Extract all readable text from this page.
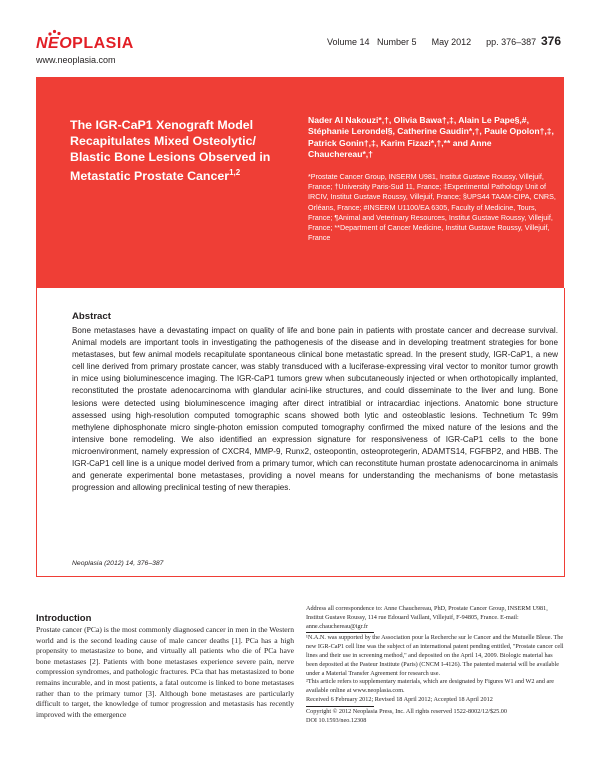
NEOPLASIA
www.neoplasia.com
Volume 14 Number 5 May 2012 pp. 376–387 376
The IGR-CaP1 Xenograft Model Recapitulates Mixed Osteolytic/ Blastic Bone Lesions Observed in Metastatic Prostate Cancer$^{1,2}$
Nader Al Nakouzi*,†, Olivia Bawa†,‡, Alain Le Pape§,#, Stéphanie Lerondel§, Catherine Gaudin*,†, Paule Opolon†,‡, Patrick Gonin†,‡, Karim Fizazi*,†,** and Anne Chauchereau*,†
*Prostate Cancer Group, INSERM U981, Institut Gustave Roussy, Villejuif, France; †University Paris-Sud 11, France; ‡Experimental Pathology Unit of IRCIV, Institut Gustave Roussy, Villejuif, France; §UPS44 TAAM-CIPA, CNRS, Orléans, France; #INSERM U1100/EA 6305, Faculty of Medicine, Tours, France; ¶Animal and Veterinary Resources, Institut Gustave Roussy, Villejuif, France; **Department of Cancer Medicine, Institut Gustave Roussy, Villejuif, France
Abstract
Bone metastases have a devastating impact on quality of life and bone pain in patients with prostate cancer and decrease survival. Animal models are important tools in investigating the pathogenesis of the disease and in developing treatment strategies for bone metastases, but few animal models recapitulate spontaneous clinical bone metastatic spread. In the present study, IGR-CaP1, a new cell line derived from primary prostate cancer, was stably transduced with a luciferase-expressing viral vector to monitor tumor growth in mice using bioluminescence imaging. The IGR-CaP1 tumors grew when subcutaneously injected or when orthotopically implanted, reconstituted the prostate adenocarcinoma with glandular acini-like structures, and could disseminate to the liver and lung. Bone lesions were detected using bioluminescence imaging after direct intratibial or intracardiac injections. Anatomic bone structure assessed using high-resolution computed tomographic scans showed both lytic and osteoblastic lesions. Technetium Tc 99m methylene diphosphonate micro single-photon emission computed tomography confirmed the mixed nature of the lesions and the intensive bone remodeling. We also identified an expression signature for responsiveness of IGR-CaP1 cells to the bone microenvironment, namely expression of CXCR4, MMP-9, Runx2, osteopontin, osteoprotegerin, ADAMTS14, FGFBP2, and HBB. The IGR-CaP1 cell line is a unique model derived from a primary tumor, which can reconstitute human prostate adenocarcinoma in animals and generate experimental bone metastases, providing a novel means for understanding the mechanisms of bone metastasis progression and allowing preclinical testing of new therapies.
Neoplasia (2012) 14, 376–387
Introduction
Prostate cancer (PCa) is the most commonly diagnosed cancer in men in the Western world and is the second leading cause of male cancer deaths [1]. PCa has a high propensity to metastasize to bone, and virtually all patients who die of PCa have bone metastases [2]. Patients with bone metastases experience severe pain, nerve compression syndromes, and pathologic fractures. PCa that has metastasized to bone remains incurable, and in most patients, a fatal outcome is linked to bone metastases rather than to the primary tumor [3]. Although bone metastases are particularly difficult to target, the knowledge of tumor progression and metastasis has recently improved with the emergence

Address all correspondence to: Anne Chauchereau, PhD, Prostate Cancer Group, INSERM U981, Institut Gustave Roussy, 114 rue Edouard Vaillant, Villejuif, F-94805, France. E-mail: anne.chauchereau@igr.fr

¹N.A.N. was supported by the Association pour la Recherche sur le Cancer and the Mutuelle Bleue. The new IGR-CaP1 cell line was the subject of an international patent pending entitled, "Prostate cancer cell lines and their use in screening method," and deposited on the April 14, 2009. Biologic material has been deposited at the Pasteur Institute (Paris) (CNCM I-4126). The patented material will be available under a Material Transfer Agreement for research use.

²This article refers to supplementary materials, which are designated by Figures W1 and W2 and are available online at www.neoplasia.com.

Received 6 February 2012; Revised 18 April 2012; Accepted 18 April 2012

Copyright © 2012 Neoplasia Press, Inc. All rights reserved 1522-8002/12/$25.00

DOI 10.1593/neo.12308
